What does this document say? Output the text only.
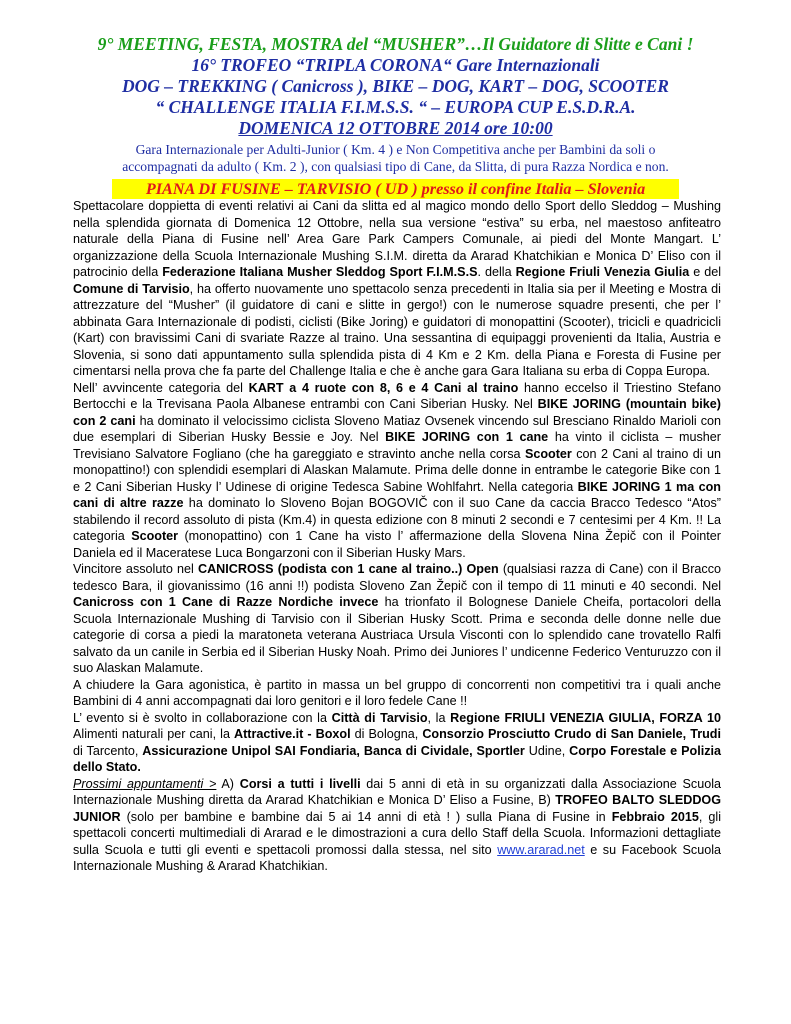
9° MEETING, FESTA, MOSTRA del “MUSHER”…Il Guidatore di Slitte e Cani !
16° TROFEO “TRIPLA CORONA“ Gare Internazionali
DOG – TREKKING ( Canicross ), BIKE – DOG, KART – DOG, SCOOTER
“ CHALLENGE ITALIA F.I.M.S.S. “ – EUROPA CUP E.S.D.R.A.
DOMENICA 12 OTTOBRE 2014 ore 10:00
Gara Internazionale per Adulti-Junior ( Km. 4 ) e Non Competitiva anche per Bambini da soli o
accompagnati da adulto ( Km. 2 ), con qualsiasi tipo di Cane, da Slitta, di pura Razza Nordica e non.
PIANA DI FUSINE – TARVISIO ( UD ) presso il confine Italia – Slovenia

Spettacolare doppietta di eventi relativi ai Cani da slitta ed al magico mondo dello Sport dello Sleddog – Mushing nella splendida giornata di Domenica 12 Ottobre, nella sua versione “estiva” su erba, nel maestoso anfiteatro naturale della Piana di Fusine nell’ Area Gare Park Campers Comunale, ai piedi del Monte Mangart. L’ organizzazione della Scuola Internazionale Mushing S.I.M. diretta da Ararad Khatchikian e Monica D’ Eliso con il patrocinio della Federazione Italiana Musher Sleddog Sport F.I.M.S.S. della Regione Friuli Venezia Giulia e del Comune di Tarvisio, ha offerto nuovamente uno spettacolo senza precedenti in Italia sia per il Meeting e Mostra di attrezzature del “Musher” (il guidatore di cani e slitte in gergo!) con le numerose squadre presenti, che per l’ abbinata Gara Internazionale di podisti, ciclisti (Bike Joring) e guidatori di monopattini (Scooter), tricicli e quadricicli (Kart) con bravissimi Cani di svariate Razze al traino. Una sessantina di equipaggi provenienti da Italia, Austria e Slovenia, si sono dati appuntamento sulla splendida pista di 4 Km e 2 Km. della Piana e Foresta di Fusine per cimentarsi nella prova che fa parte del Challenge Italia e che è anche gara Gara Italiana su erba di Coppa Europa.

Nell’ avvincente categoria del KART a 4 ruote con 8, 6 e 4 Cani al traino hanno eccelso il Triestino Stefano Bertocchi e la Trevisana Paola Albanese entrambi con Cani Siberian Husky. Nel BIKE JORING (mountain bike) con 2 cani ha dominato il velocissimo ciclista Sloveno Matiaz Ovsenek vincendo sul Bresciano Rinaldo Marioli con due esemplari di Siberian Husky Bessie e Joy. Nel BIKE JORING con 1 cane ha vinto il ciclista – musher Trevisiano Salvatore Fogliano (che ha gareggiato e stravinto anche nella corsa Scooter con 2 Cani al traino di un monopattino!) con splendidi esemplari di Alaskan Malamute. Prima delle donne in entrambe le categorie Bike con 1 e 2 Cani Siberian Husky l’ Udinese di origine Tedesca Sabine Wohlfahrt. Nella categoria BIKE JORING 1 ma con cani di altre razze ha dominato lo Sloveno Bojan BOGOVIČ con il suo Cane da caccia Bracco Tedesco “Atos” stabilendo il record assoluto di pista (Km.4) in questa edizione con 8 minuti 2 secondi e 7 centesimi per 4 Km. !! La categoria Scooter (monopattino) con 1 Cane ha visto l’ affermazione della Slovena Nina Žepič con il Pointer Daniela ed il Maceratese Luca Bongarzoni con il Siberian Husky Mars.

Vincitore assoluto nel CANICROSS (podista con 1 cane al traino..) Open (qualsiasi razza di Cane) con il Bracco tedesco Bara, il giovanissimo (16 anni !!) podista Sloveno Zan Žepič con il tempo di 11 minuti e 40 secondi. Nel Canicross con 1 Cane di Razze Nordiche invece ha trionfato il Bolognese Daniele Cheifa, portacolori della Scuola Internazionale Mushing di Tarvisio con il Siberian Husky Scott. Prima e seconda delle donne nelle due categorie di corsa a piedi la maratoneta veterana Austriaca Ursula Visconti con lo splendido cane trovatello Ralfi salvato da un canile in Serbia ed il Siberian Husky Noah. Primo dei Juniores l’ undicenne Federico Venturuzzo con il suo Alaskan Malamute.

A chiudere la Gara agonistica, è partito in massa un bel gruppo di concorrenti non competitivi tra i quali anche Bambini di 4 anni accompagnati dai loro genitori e il loro fedele Cane !!

L’ evento si è svolto in collaborazione con la Città di Tarvisio, la Regione FRIULI VENEZIA GIULIA, FORZA 10 Alimenti naturali per cani, la Attractive.it - Boxol di Bologna, Consorzio Prosciutto Crudo di San Daniele, Trudi di Tarcento, Assicurazione Unipol SAI Fondiaria, Banca di Cividale, Sportler Udine, Corpo Forestale e Polizia dello Stato.

Prossimi appuntamenti > A) Corsi a tutti i livelli dai 5 anni di età in su organizzati dalla Associazione Scuola Internazionale Mushing diretta da Ararad Khatchikian e Monica D’ Eliso a Fusine, B) TROFEO BALTO SLEDDOG JUNIOR (solo per bambine e bambine dai 5 ai 14 anni di età ! ) sulla Piana di Fusine in Febbraio 2015, gli spettacoli concerti multimediali di Ararad e le dimostrazioni a cura dello Staff della Scuola. Informazioni dettagliate sulla Scuola e tutti gli eventi e spettacoli promossi dalla stessa, nel sito www.ararad.net e su Facebook Scuola Internazionale Mushing & Ararad Khatchikian.
